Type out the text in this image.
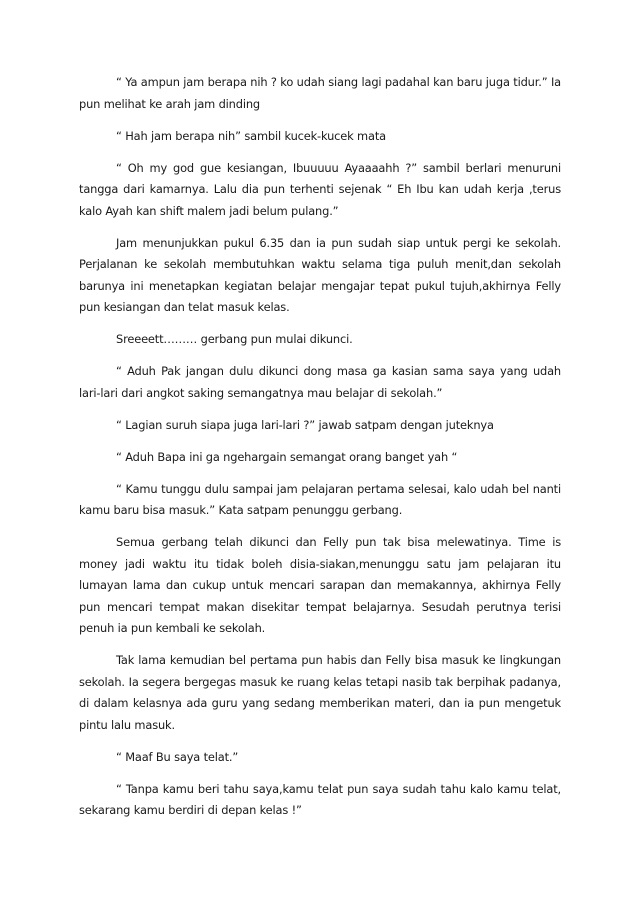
“ Ya ampun jam berapa nih ? ko udah siang lagi padahal kan baru juga tidur.” Ia pun melihat ke arah jam dinding

“ Hah jam berapa nih” sambil kucek-kucek mata

“ Oh my god gue kesiangan, Ibuuuuu Ayaaaahh ?” sambil berlari menuruni tangga dari kamarnya. Lalu dia pun terhenti sejenak “ Eh Ibu kan udah kerja ,terus kalo Ayah kan shift malem jadi belum pulang.”

Jam menunjukkan pukul 6.35 dan ia pun sudah siap untuk pergi ke sekolah. Perjalanan ke sekolah membutuhkan waktu selama tiga puluh menit,dan sekolah barunya ini menetapkan kegiatan belajar mengajar tepat pukul tujuh,akhirnya Felly pun kesiangan dan telat masuk kelas.

Sreeeett……… gerbang pun mulai dikunci.

“ Aduh Pak jangan dulu dikunci dong masa ga kasian sama saya yang udah lari-lari dari angkot saking semangatnya mau belajar di sekolah.”

“ Lagian suruh siapa juga lari-lari ?” jawab satpam dengan juteknya

“ Aduh Bapa ini ga ngehargain semangat orang banget yah “

“ Kamu tunggu dulu sampai jam pelajaran pertama selesai, kalo udah bel nanti kamu baru bisa masuk.” Kata satpam penunggu gerbang.

Semua gerbang telah dikunci dan Felly pun tak bisa melewatinya. Time is money jadi waktu itu tidak boleh disia-siakan,menunggu satu jam pelajaran itu lumayan lama dan cukup untuk mencari sarapan dan memakannya, akhirnya Felly pun mencari tempat makan disekitar tempat belajarnya. Sesudah perutnya terisi penuh ia pun kembali ke sekolah.

Tak lama kemudian bel pertama pun habis dan Felly bisa masuk ke lingkungan sekolah. Ia segera bergegas masuk ke ruang kelas tetapi nasib tak berpihak padanya, di dalam kelasnya ada guru yang sedang memberikan materi, dan ia pun mengetuk pintu lalu masuk.

“ Maaf Bu saya telat.”

“ Tanpa kamu beri tahu saya,kamu telat pun saya sudah tahu kalo kamu telat, sekarang kamu berdiri di depan kelas !”
